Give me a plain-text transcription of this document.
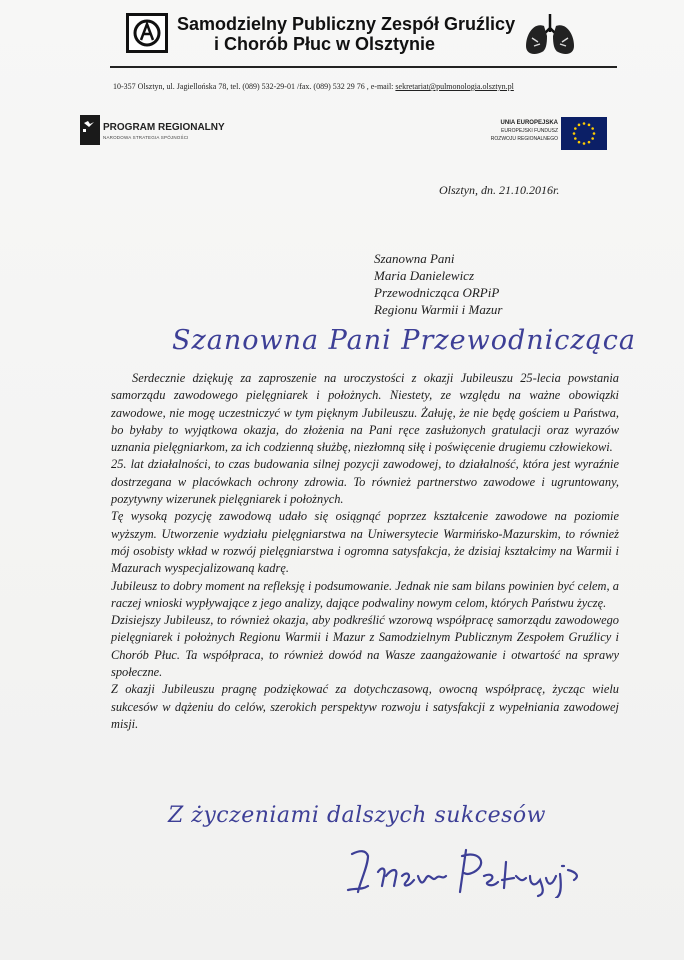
Samodzielny Publiczny Zespół Gruźlicy
i Chorób Płuc w Olsztynie
10-357 Olsztyn, ul. Jagiellońska 78, tel. (089) 532-29-01 /fax. (089) 532 29 76 , e-mail: sekretariat@pulmonologia.olsztyn.pl
PROGRAM REGIONALNY
NARODOWA STRATEGIA SPÓJNOŚCI
UNIA EUROPEJSKA
EUROPEJSKI FUNDUSZ
ROZWOJU REGIONALNEGO
Olsztyn, dn. 21.10.2016r.
Szanowna Pani
Maria Danielewicz
Przewodnicząca ORPiP
Regionu Warmii i Mazur
Szanowna Pani Przewodnicząca

Serdecznie dziękuję za zaproszenie na uroczystości z okazji Jubileuszu 25-lecia powstania samorządu zawodowego pielęgniarek i położnych. Niestety, ze względu na ważne obowiązki zawodowe, nie mogę uczestniczyć w tym pięknym Jubileuszu. Żałuję, że nie będę gościem u Państwa, bo byłaby to wyjątkowa okazja, do złożenia na Pani ręce zasłużonych gratulacji oraz wyrazów uznania pielęgniarkom, za ich codzienną służbę, niezłomną siłę i poświęcenie drugiemu człowiekowi.

25. lat działalności, to czas budowania silnej pozycji zawodowej, to działalność, która jest wyraźnie dostrzegana w placówkach ochrony zdrowia. To również partnerstwo zawodowe i ugruntowany, pozytywny wizerunek pielęgniarek i położnych.

Tę wysoką pozycję zawodową udało się osiągnąć poprzez kształcenie zawodowe na poziomie wyższym. Utworzenie wydziału pielęgniarstwa na Uniwersytecie Warmińsko-Mazurskim, to również mój osobisty wkład w rozwój pielęgniarstwa i ogromna satysfakcja, że dzisiaj kształcimy na Warmii i Mazurach wyspecjalizowaną kadrę.

Jubileusz to dobry moment na refleksję i podsumowanie. Jednak nie sam bilans powinien być celem, a raczej wnioski wypływające z jego analizy, dające podwaliny nowym celom, których Państwu życzę.

Dzisiejszy Jubileusz, to również okazja, aby podkreślić wzorową współpracę samorządu zawodowego pielęgniarek i położnych Regionu Warmii i Mazur z Samodzielnym Publicznym Zespołem Gruźlicy i Chorób Płuc. Ta współpraca, to również dowód na Wasze zaangażowanie i otwartość na sprawy społeczne.

Z okazji Jubileuszu pragnę podziękować za dotychczasową, owocną współpracę, życząc wielu sukcesów w dążeniu do celów, szerokich perspektyw rozwoju i satysfakcji z wypełniania zawodowej misji.

Z życzeniami dalszych sukcesów
